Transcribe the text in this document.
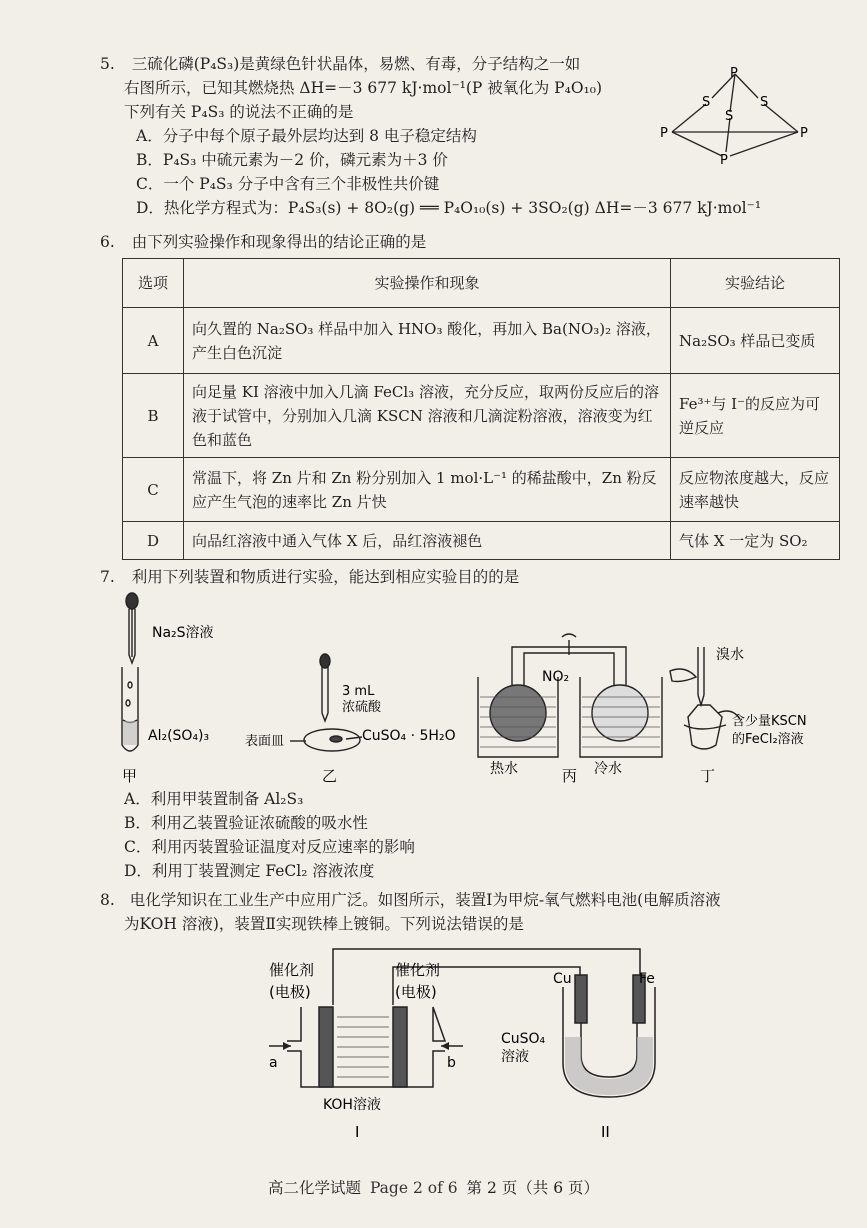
5. 三硫化磷(P₄S₃)是黄绿色针状晶体，易燃、有毒，分子结构之一如
右图所示，已知其燃烧热 ΔH=－3 677 kJ·mol⁻¹(P 被氧化为 P₄O₁₀)
下列有关 P₄S₃ 的说法不正确的是
A．分子中每个原子最外层均达到 8 电子稳定结构
B．P₄S₃ 中硫元素为－2 价，磷元素为＋3 价
C．一个 P₄S₃ 分子中含有三个非极性共价键
D．热化学方程式为：P₄S₃(s) + 8O₂(g) ══ P₄O₁₀(s) + 3SO₂(g) ΔH=－3 677 kJ·mol⁻¹
P
S	S
S
P	P
P
6. 由下列实验操作和现象得出的结论正确的是
选项	实验操作和现象	实验结论
A	向久置的 Na₂SO₃ 样品中加入 HNO₃ 酸化，再加入 Ba(NO₃)₂ 溶液，产生白色沉淀	Na₂SO₃ 样品已变质
B	向足量 KI 溶液中加入几滴 FeCl₃ 溶液，充分反应，取两份反应后的溶液于试管中，分别加入几滴 KSCN 溶液和几滴淀粉溶液，溶液变为红色和蓝色	Fe³⁺与 I⁻的反应为可逆反应
C	常温下，将 Zn 片和 Zn 粉分别加入 1 mol·L⁻¹ 的稀盐酸中，Zn 粉反应产生气泡的速率比 Zn 片快	反应物浓度越大，反应速率越快
D	向品红溶液中通入气体 X 后，品红溶液褪色	气体 X 一定为 SO₂
7. 利用下列装置和物质进行实验，能达到相应实验目的的是
Na₂S溶液
Al₂(SO₄)₃
甲
3 mL
浓硫酸
表面皿	CuSO₄ · 5H₂O
乙
NO₂
热水	冷水
丙
溴水
含少量KSCN
的FeCl₂溶液
丁
A．利用甲装置制备 Al₂S₃
B．利用乙装置验证浓硫酸的吸水性
C．利用丙装置验证温度对反应速率的影响
D．利用丁装置测定 FeCl₂ 溶液浓度
8. 电化学知识在工业生产中应用广泛。如图所示，装置Ⅰ为甲烷-氧气燃料电池(电解质溶液
为KOH 溶液)，装置Ⅱ实现铁棒上镀铜。下列说法错误的是
催化剂
(电极)
催化剂
(电极)
a	b
KOH溶液
I
Cu	Fe
CuSO₄
溶液
II
高二化学试题 Page 2 of 6 第 2 页（共 6 页）
